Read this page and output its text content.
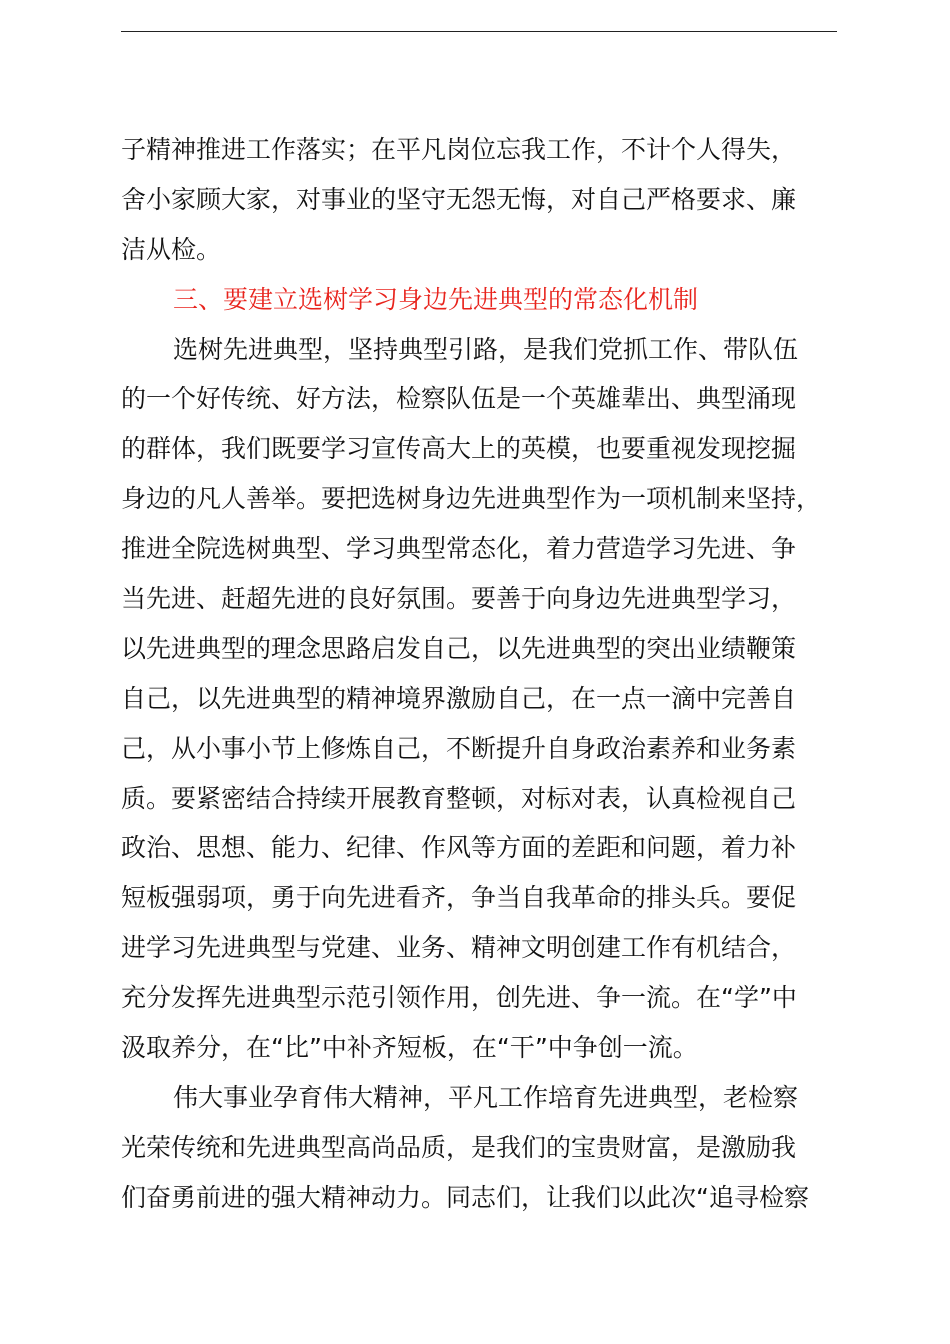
子精神推进工作落实；在平凡岗位忘我工作，不计个人得失，
舍小家顾大家，对事业的坚守无怨无悔，对自己严格要求、廉
洁从检。
三、要建立选树学习身边先进典型的常态化机制
选树先进典型，坚持典型引路，是我们党抓工作、带队伍
的一个好传统、好方法，检察队伍是一个英雄辈出、典型涌现
的群体，我们既要学习宣传高大上的英模，也要重视发现挖掘
身边的凡人善举。要把选树身边先进典型作为一项机制来坚持，
推进全院选树典型、学习典型常态化，着力营造学习先进、争
当先进、赶超先进的良好氛围。要善于向身边先进典型学习，
以先进典型的理念思路启发自己，以先进典型的突出业绩鞭策
自己，以先进典型的精神境界激励自己，在一点一滴中完善自
己，从小事小节上修炼自己，不断提升自身政治素养和业务素
质。要紧密结合持续开展教育整顿，对标对表，认真检视自己
政治、思想、能力、纪律、作风等方面的差距和问题，着力补
短板强弱项，勇于向先进看齐，争当自我革命的排头兵。要促
进学习先进典型与党建、业务、精神文明创建工作有机结合，
充分发挥先进典型示范引领作用，创先进、争一流。在“学”中
汲取养分，在“比”中补齐短板，在“干”中争创一流。
伟大事业孕育伟大精神，平凡工作培育先进典型，老检察
光荣传统和先进典型高尚品质，是我们的宝贵财富，是激励我
们奋勇前进的强大精神动力。同志们，让我们以此次“追寻检察
